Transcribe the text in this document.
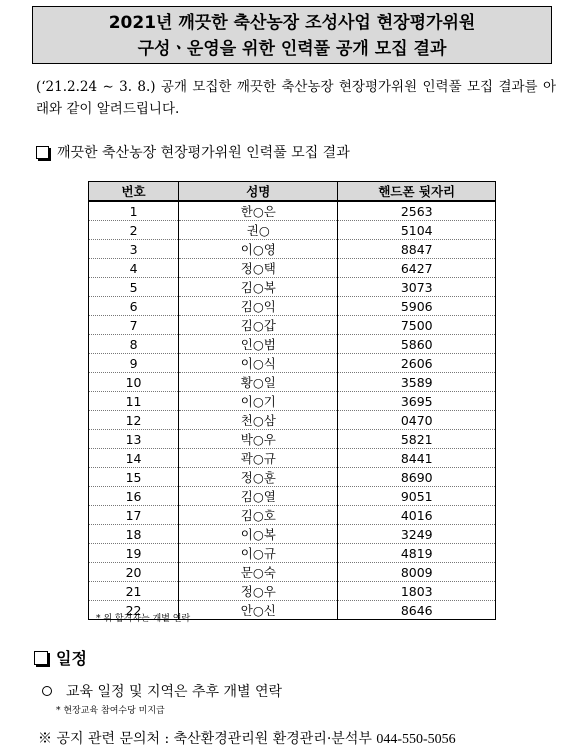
2021년 깨끗한 축산농장 조성사업 현장평가위원
구성ㆍ운영을 위한 인력풀 공개 모집 결과
(‘21.2.24 ∼ 3. 8.) 공개 모집한 깨끗한 축산농장 현장평가위원 인력풀 모집 결과를 아래와 같이 알려드립니다.
깨끗한 축산농장 현장평가위원 인력풀 모집 결과
번호	성명	핸드폰 뒷자리
1	한○은	2563
2	권○	5104
3	이○영	8847
4	정○택	6427
5	김○복	3073
6	김○익	5906
7	김○갑	7500
8	인○범	5860
9	이○식	2606
10	황○일	3589
11	이○기	3695
12	천○삼	0470
13	박○우	5821
14	곽○규	8441
15	정○훈	8690
16	김○열	9051
17	김○호	4016
18	이○복	3249
19	이○규	4819
20	문○숙	8009
21	정○우	1803
22	안○신	8646
* 위 합격자는 개별 연락
일정
교육 일정 및 지역은 추후 개별 연락
* 현장교육 참여수당 미지급
※ 공지 관련 문의처 : 축산환경관리원 환경관리·분석부 044-550-5056
